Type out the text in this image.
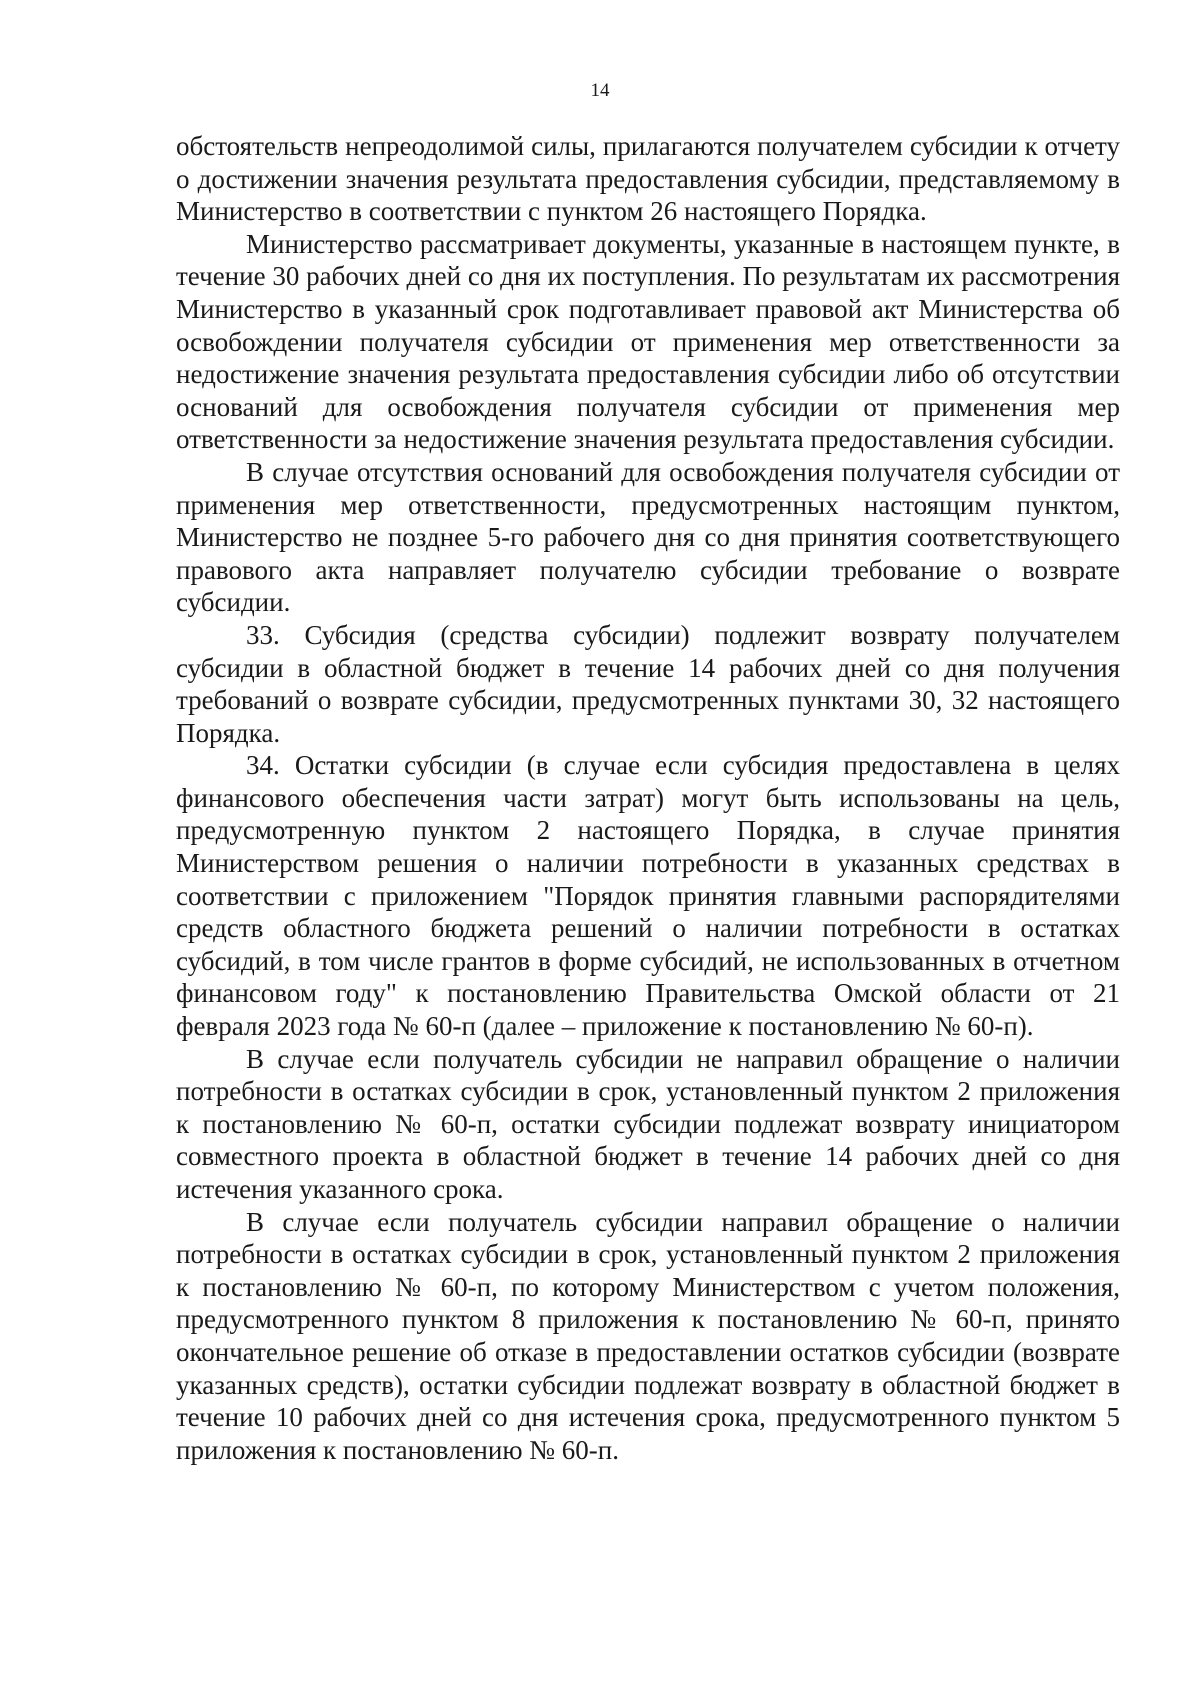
14

обстоятельств непреодолимой силы, прилагаются получателем субсидии к отчету о достижении значения результата предоставления субсидии, представляемому в Министерство в соответствии с пунктом 26 настоящего Порядка.

Министерство рассматривает документы, указанные в настоящем пункте, в течение 30 рабочих дней со дня их поступления. По результатам их рассмотрения Министерство в указанный срок подготавливает правовой акт Министерства об освобождении получателя субсидии от применения мер ответственности за недостижение значения результата предоставления субсидии либо об отсутствии оснований для освобождения получателя субсидии от применения мер ответственности за недостижение значения результата предоставления субсидии.

В случае отсутствия оснований для освобождения получателя субсидии от применения мер ответственности, предусмотренных настоящим пунктом, Министерство не позднее 5-го рабочего дня со дня принятия соответствующего правового акта направляет получателю субсидии требование о возврате субсидии.

33. Субсидия (средства субсидии) подлежит возврату получателем субсидии в областной бюджет в течение 14 рабочих дней со дня получения требований о возврате субсидии, предусмотренных пунктами 30, 32 настоящего Порядка.

34. Остатки субсидии (в случае если субсидия предоставлена в целях финансового обеспечения части затрат) могут быть использованы на цель, предусмотренную пунктом 2 настоящего Порядка, в случае принятия Министерством решения о наличии потребности в указанных средствах в соответствии с приложением "Порядок принятия главными распорядителями средств областного бюджета решений о наличии потребности в остатках субсидий, в том числе грантов в форме субсидий, не использованных в отчетном финансовом году" к постановлению Правительства Омской области от 21 февраля 2023 года № 60-п (далее – приложение к постановлению № 60-п).

В случае если получатель субсидии не направил обращение о наличии потребности в остатках субсидии в срок, установленный пунктом 2 приложения к постановлению № 60-п, остатки субсидии подлежат возврату инициатором совместного проекта в областной бюджет в течение 14 рабочих дней со дня истечения указанного срока.

В случае если получатель субсидии направил обращение о наличии потребности в остатках субсидии в срок, установленный пунктом 2 приложения к постановлению № 60-п, по которому Министерством с учетом положения, предусмотренного пунктом 8 приложения к постановлению № 60-п, принято окончательное решение об отказе в предоставлении остатков субсидии (возврате указанных средств), остатки субсидии подлежат возврату в областной бюджет в течение 10 рабочих дней со дня истечения срока, предусмотренного пунктом 5 приложения к постановлению № 60-п.
